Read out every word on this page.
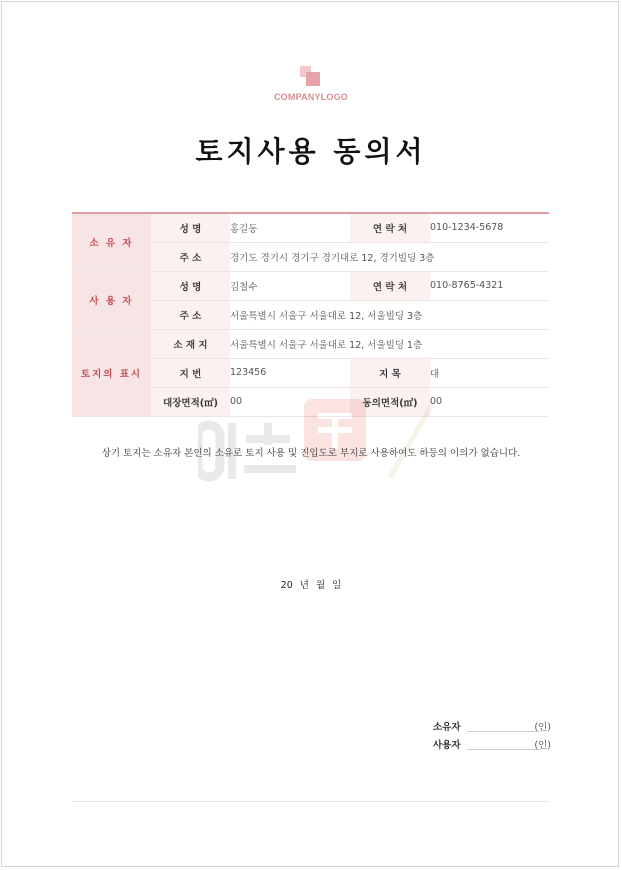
COMPANYLOGO
토지사용 동의서
소 유 자	성 명	홍길동	연 락 처	010-1234-5678
	주 소	경기도 경기시 경기구 경기대로 12, 경기빌딩 3층		
사 용 자	성 명	김철수	연 락 처	010-8765-4321
	주 소	서울특별시 서울구 서울대로 12, 서울빌딩 3층		
토지의 표시	소 재 지	서울특별시 서울구 서울대로 12, 서울빌딩 1층		
	지 번	123456	지 목	대
	대장면적(㎡)	00	동의면적(㎡)	00
상기 토지는 소유자 본인의 소유로 토지 사용 및 진입도로 부지로 사용하여도 하등의 이의가 없습니다.
20 년 월 일
소유자	(인)
사용자	(인)
